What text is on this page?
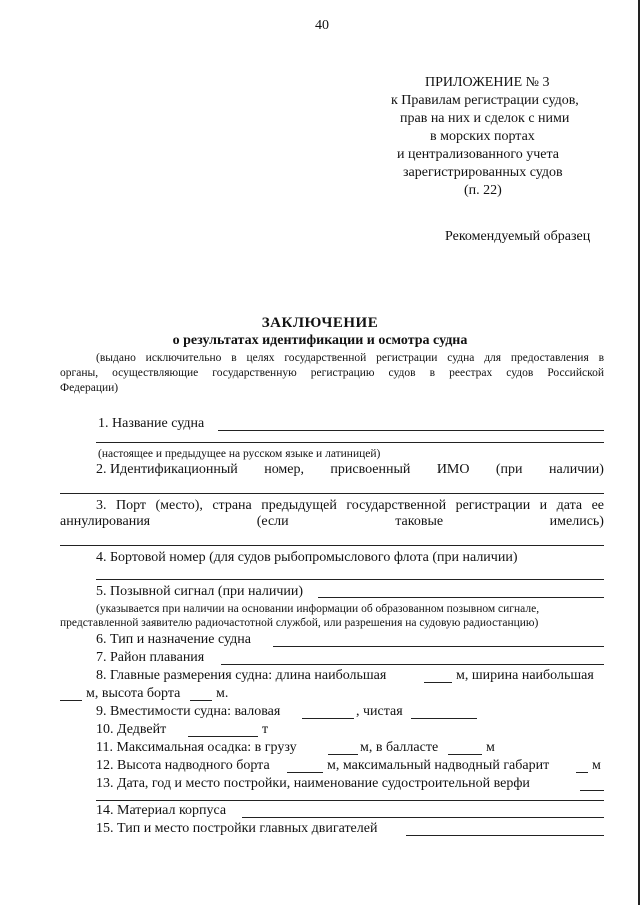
40
ПРИЛОЖЕНИЕ № 3
к Правилам регистрации судов,
прав на них и сделок с ними
в морских портах
и централизованного учета
зарегистрированных судов
(п. 22)
Рекомендуемый образец
ЗАКЛЮЧЕНИЕ
о результатах идентификации и осмотра судна
(выдано исключительно в целях государственной регистрации судна для предоставления в
органы, осуществляющие государственную регистрацию судов в реестрах судов Российской
Федерации)
1. Название судна
(настоящее и предыдущее на русском языке и латиницей)
2. Идентификационный номер, присвоенный ИМО (при наличии)
3. Порт (место), страна предыдущей государственной регистрации и дата ее
аннулирования	(если	таковые	имелись)
4. Бортовой номер (для судов рыбопромыслового флота (при наличии)
5. Позывной сигнал (при наличии)
(указывается при наличии на основании информации об образованном позывном сигнале,
представленной заявителю радиочастотной службой, или разрешения на судовую радиостанцию)
6. Тип и назначение судна
7. Район плавания
8. Главные размерения судна: длина наибольшая	м, ширина наибольшая
м, высота борта	м.
9. Вместимости судна: валовая	, чистая
10. Дедвейт	т
11. Максимальная осадка: в грузу	м, в балласте	м
12. Высота надводного борта	м, максимальный надводный габарит	м
13. Дата, год и место постройки, наименование судостроительной верфи
14. Материал корпуса
15. Тип и место постройки главных двигателей
